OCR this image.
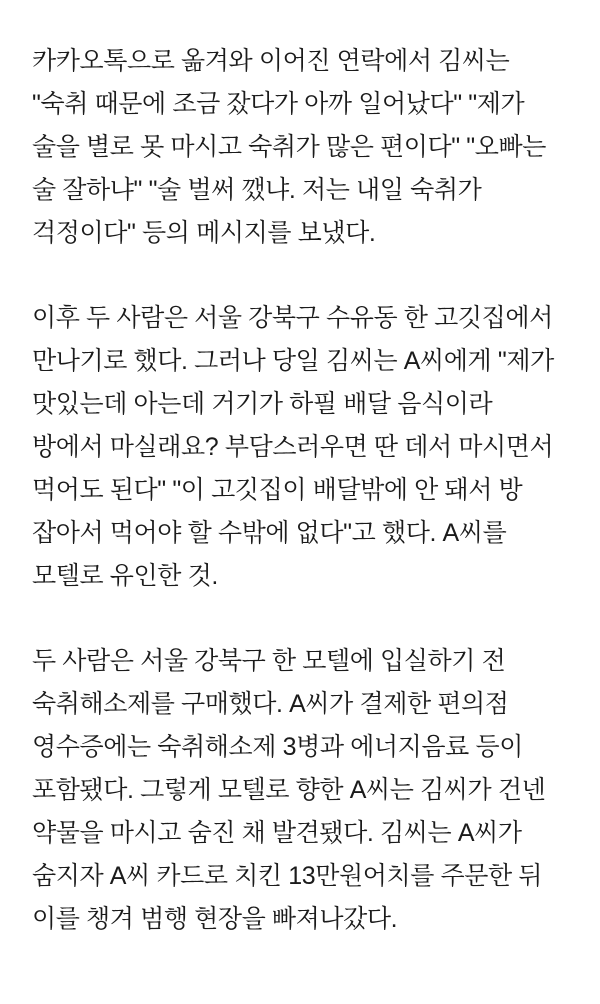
카카오톡으로 옮겨와 이어진 연락에서 김씨는 "숙취 때문에 조금 잤다가 아까 일어났다" "제가 술을 별로 못 마시고 숙취가 많은 편이다" "오빠는 술 잘하냐" "술 벌써 깼냐. 저는 내일 숙취가 걱정이다" 등의 메시지를 보냈다.

이후 두 사람은 서울 강북구 수유동 한 고깃집에서 만나기로 했다. 그러나 당일 김씨는 A씨에게 "제가 맛있는데 아는데 거기가 하필 배달 음식이라 방에서 마실래요? 부담스러우면 딴 데서 마시면서 먹어도 된다" "이 고깃집이 배달밖에 안 돼서 방 잡아서 먹어야 할 수밖에 없다"고 했다. A씨를 모텔로 유인한 것.

두 사람은 서울 강북구 한 모텔에 입실하기 전 숙취해소제를 구매했다. A씨가 결제한 편의점 영수증에는 숙취해소제 3병과 에너지음료 등이 포함됐다. 그렇게 모텔로 향한 A씨는 김씨가 건넨 약물을 마시고 숨진 채 발견됐다. 김씨는 A씨가 숨지자 A씨 카드로 치킨 13만원어치를 주문한 뒤 이를 챙겨 범행 현장을 빠져나갔다.
